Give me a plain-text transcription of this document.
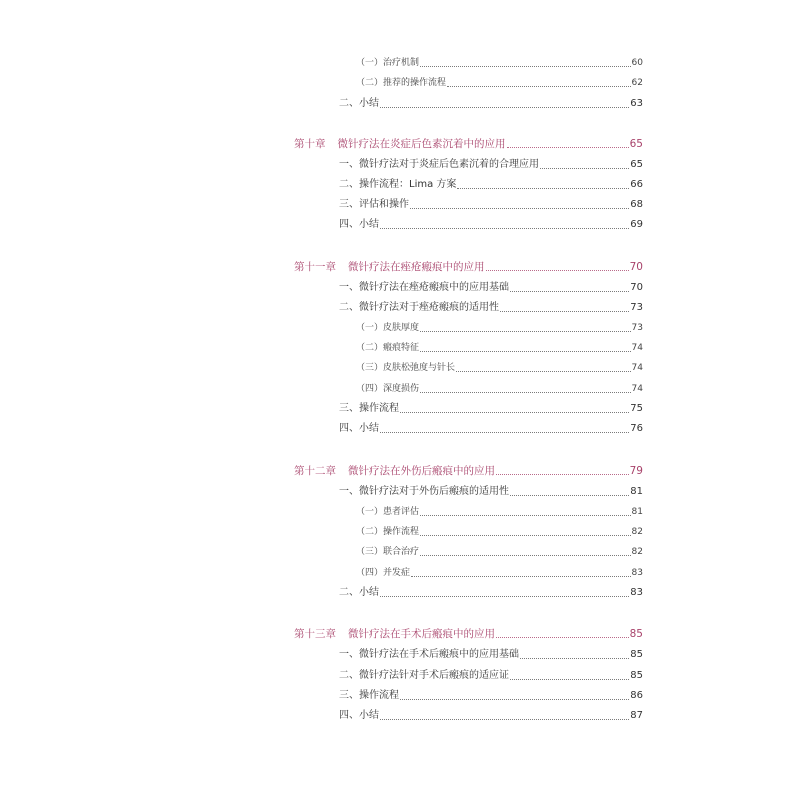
（一）治疗机制	60
（二）推荐的操作流程	62
二、小结	63
第十章 微针疗法在炎症后色素沉着中的应用	65
一、微针疗法对于炎症后色素沉着的合理应用	65
二、操作流程：Lima 方案	66
三、评估和操作	68
四、小结	69
第十一章 微针疗法在痤疮瘢痕中的应用	70
一、微针疗法在痤疮瘢痕中的应用基础	70
二、微针疗法对于痤疮瘢痕的适用性	73
（一）皮肤厚度	73
（二）瘢痕特征	74
（三）皮肤松弛度与针长	74
（四）深度损伤	74
三、操作流程	75
四、小结	76
第十二章 微针疗法在外伤后瘢痕中的应用	79
一、微针疗法对于外伤后瘢痕的适用性	81
（一）患者评估	81
（二）操作流程	82
（三）联合治疗	82
（四）并发症	83
二、小结	83
第十三章 微针疗法在手术后瘢痕中的应用	85
一、微针疗法在手术后瘢痕中的应用基础	85
二、微针疗法针对手术后瘢痕的适应证	85
三、操作流程	86
四、小结	87
